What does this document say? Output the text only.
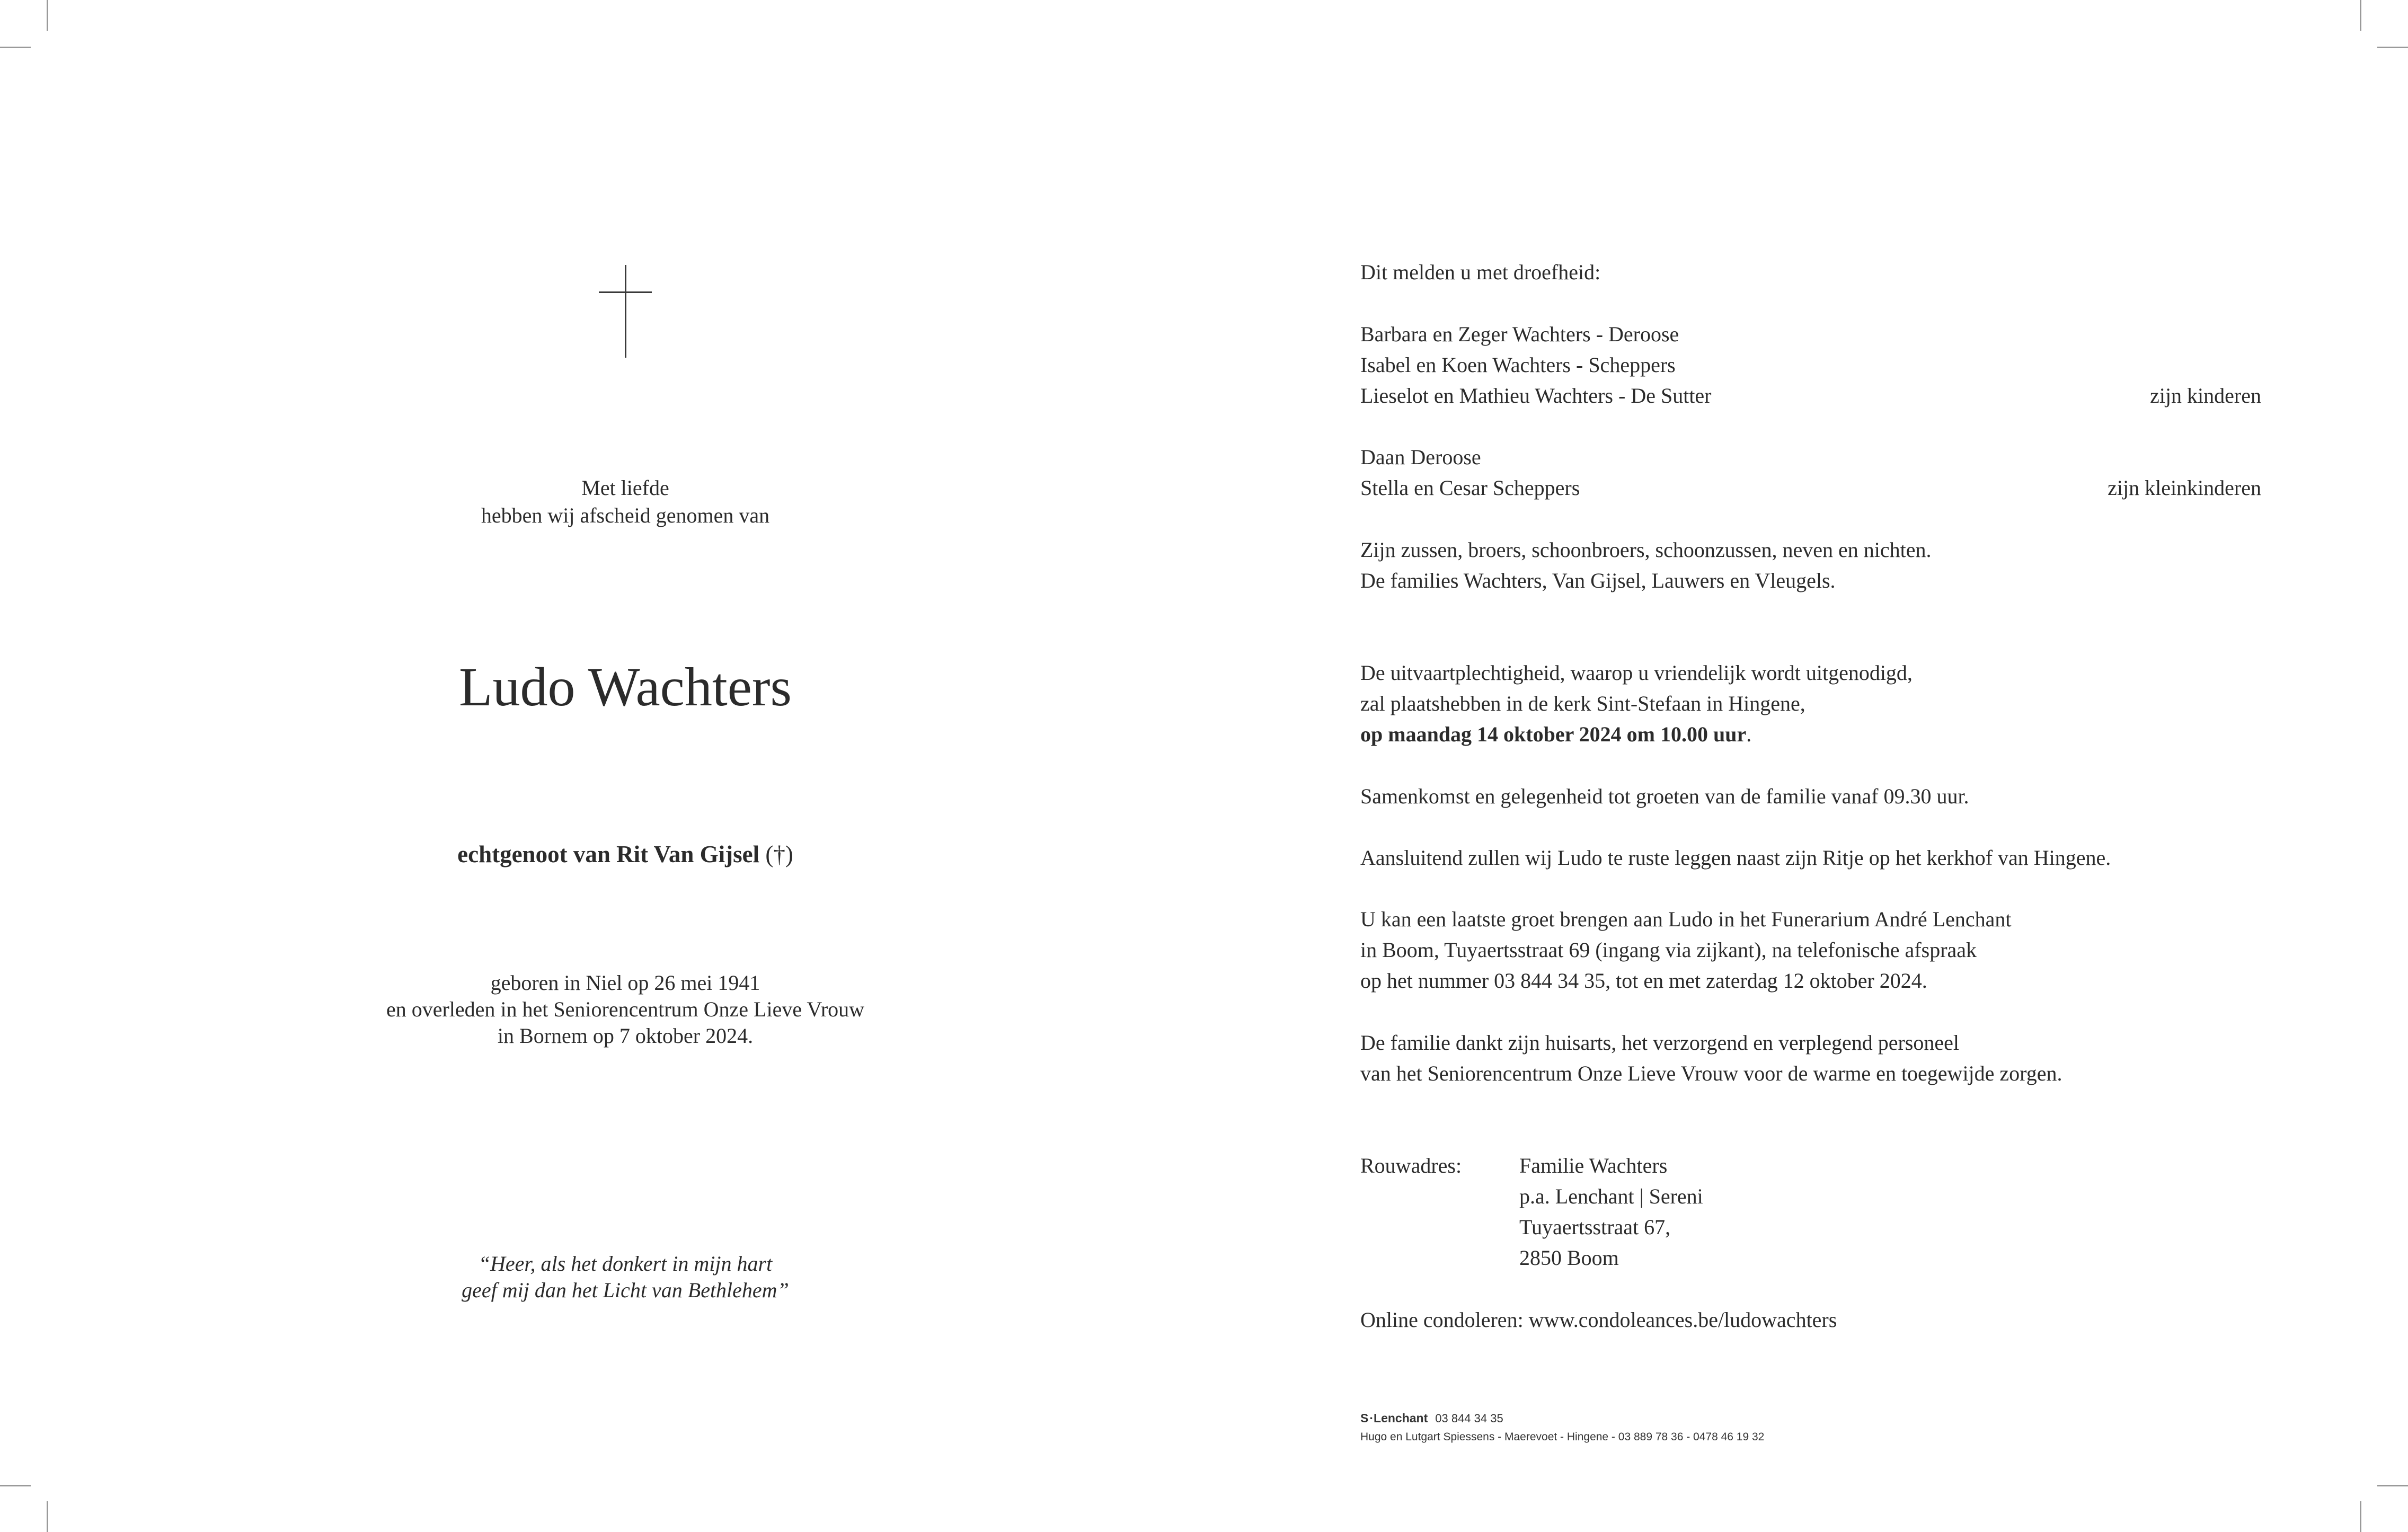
Met liefde
hebben wij afscheid genomen van
Ludo Wachters
echtgenoot van Rit Van Gijsel (†)
geboren in Niel op 26 mei 1941
en overleden in het Seniorencentrum Onze Lieve Vrouw
in Bornem op 7 oktober 2024.
“Heer, als het donkert in mijn hart
geef mij dan het Licht van Bethlehem”
Dit melden u met droefheid:
Barbara en Zeger Wachters - Deroose
Isabel en Koen Wachters - Scheppers
Lieselot en Mathieu Wachters - De Sutter	zijn kinderen
Daan Deroose
Stella en Cesar Scheppers	zijn kleinkinderen
Zijn zussen, broers, schoonbroers, schoonzussen, neven en nichten.
De families Wachters, Van Gijsel, Lauwers en Vleugels.
De uitvaartplechtigheid, waarop u vriendelijk wordt uitgenodigd,
zal plaatshebben in de kerk Sint-Stefaan in Hingene,
op maandag 14 oktober 2024 om 10.00 uur.
Samenkomst en gelegenheid tot groeten van de familie vanaf 09.30 uur.
Aansluitend zullen wij Ludo te ruste leggen naast zijn Ritje op het kerkhof van Hingene.
U kan een laatste groet brengen aan Ludo in het Funerarium André Lenchant
in Boom, Tuyaertsstraat 69 (ingang via zijkant), na telefonische afspraak
op het nummer 03 844 34 35, tot en met zaterdag 12 oktober 2024.
De familie dankt zijn huisarts, het verzorgend en verplegend personeel
van het Seniorencentrum Onze Lieve Vrouw voor de warme en toegewijde zorgen.
Rouwadres:	Familie Wachters
p.a. Lenchant | Sereni
Tuyaertsstraat 67,
2850 Boom
Online condoleren: www.condoleances.be/ludowachters
S·Lenchant 03 844 34 35
Hugo en Lutgart Spiessens - Maerevoet - Hingene - 03 889 78 36 - 0478 46 19 32
